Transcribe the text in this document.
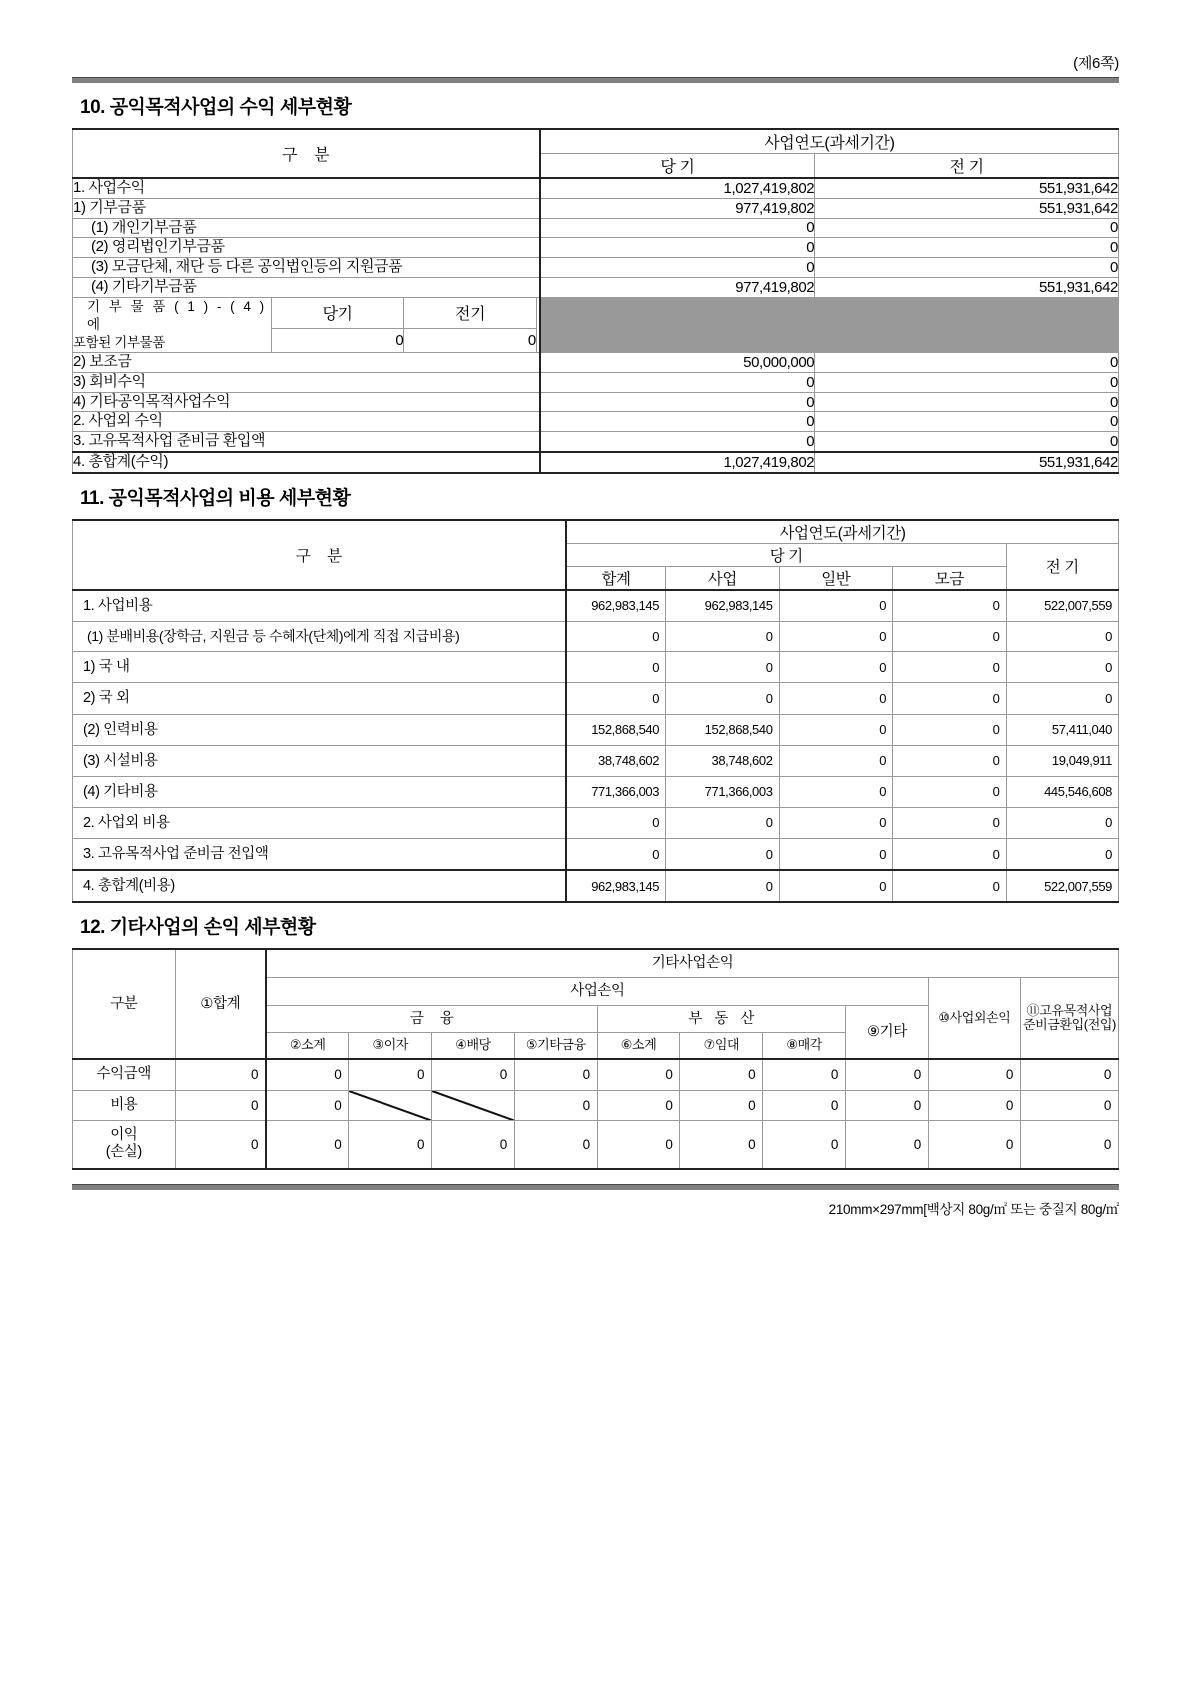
(제6쪽)
10. 공익목적사업의 수익 세부현황
구 분				사업연도(과세기간)	
				당 기	전 기
1. 사업수익				1,027,419,802	551,931,642
1) 기부금품				977,419,802	551,931,642
(1) 개인기부금품				0	0
(2) 영리법인기부금품				0	0
(3) 모금단체, 재단 등 다른 공익법인등의 지원금품				0	0
(4) 기타기부금품				977,419,802	551,931,642

기 부 물 품 ( 1 ) - ( 4 ) 에
포함된 기부물품	당기	전기			
	0	0			
2) 보조금				50,000,000	0
3) 회비수익				0	0
4) 기타공익목적사업수익				0	0
2. 사업외 수익				0	0
3. 고유목적사업 준비금 환입액				0	0
4. 총합계(수익)				1,027,419,802	551,931,642
11. 공익목적사업의 비용 세부현황
구 분	사업연도(과세기간)				
	당 기				전 기
	합계	사업	일반	모금	
1. 사업비용	962,983,145	962,983,145	0	0	522,007,559
(1) 분배비용(장학금, 지원금 등 수혜자(단체)에게 직접 지급비용)	0	0	0	0	0
1) 국 내	0	0	0	0	0
2) 국 외	0	0	0	0	0
(2) 인력비용	152,868,540	152,868,540	0	0	57,411,040
(3) 시설비용	38,748,602	38,748,602	0	0	19,049,911
(4) 기타비용	771,366,003	771,366,003	0	0	445,546,608
2. 사업외 비용	0	0	0	0	0
3. 고유목적사업 준비금 전입액	0	0	0	0	0
4. 총합계(비용)	962,983,145	0	0	0	522,007,559
12. 기타사업의 손익 세부현황
구분	①합계	기타사업손익									
		사업손익								⑩사업외손익	⑪고유목적사업준비금환입(전입)
		금 융				부 동 산			⑨기타		
		②소계	③이자	④배당	⑤기타금융	⑥소계	⑦임대	⑧매각			
수익금액	0	0	0	0	0	0	0	0	0	0	0
비용	0	0			0	0	0	0	0	0	0

이익
(손실)	0	0	0	0	0	0	0	0	0	0	0
210mm×297mm[백상지 80g/㎡ 또는 중질지 80g/㎡
